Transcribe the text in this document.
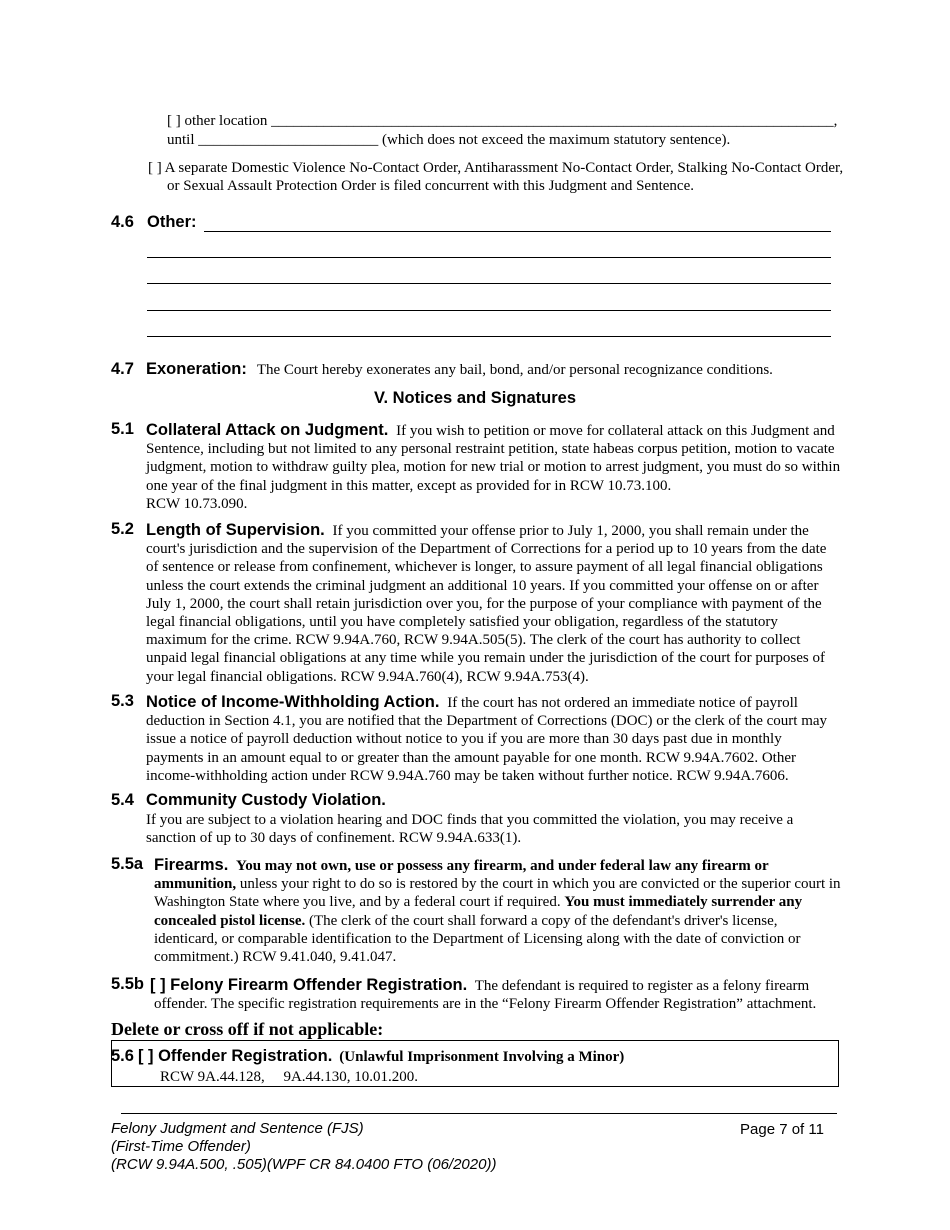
[ ] other location ___________________________________________________________________________,
until ________________________ (which does not exceed the maximum statutory sentence).
[ ] A separate Domestic Violence No-Contact Order, Antiharassment No-Contact Order, Stalking No-Contact Order, or Sexual Assault Protection Order is filed concurrent with this Judgment and Sentence.
4.6 Other:
4.7 Exoneration: The Court hereby exonerates any bail, bond, and/or personal recognizance conditions.
V. Notices and Signatures
5.1 Collateral Attack on Judgment. If you wish to petition or move for collateral attack on this Judgment and Sentence, including but not limited to any personal restraint petition, state habeas corpus petition, motion to vacate judgment, motion to withdraw guilty plea, motion for new trial or motion to arrest judgment, you must do so within one year of the final judgment in this matter, except as provided for in RCW 10.73.100.
RCW 10.73.090.
5.2 Length of Supervision. If you committed your offense prior to July 1, 2000, you shall remain under the court's jurisdiction and the supervision of the Department of Corrections for a period up to 10 years from the date of sentence or release from confinement, whichever is longer, to assure payment of all legal financial obligations unless the court extends the criminal judgment an additional 10 years. If you committed your offense on or after July 1, 2000, the court shall retain jurisdiction over you, for the purpose of your compliance with payment of the legal financial obligations, until you have completely satisfied your obligation, regardless of the statutory maximum for the crime. RCW 9.94A.760, RCW 9.94A.505(5). The clerk of the court has authority to collect unpaid legal financial obligations at any time while you remain under the jurisdiction of the court for purposes of your legal financial obligations. RCW 9.94A.760(4), RCW 9.94A.753(4).
5.3 Notice of Income-Withholding Action. If the court has not ordered an immediate notice of payroll deduction in Section 4.1, you are notified that the Department of Corrections (DOC) or the clerk of the court may issue a notice of payroll deduction without notice to you if you are more than 30 days past due in monthly payments in an amount equal to or greater than the amount payable for one month. RCW 9.94A.7602. Other income-withholding action under RCW 9.94A.760 may be taken without further notice. RCW 9.94A.7606.
5.4 Community Custody Violation.
If you are subject to a violation hearing and DOC finds that you committed the violation, you may receive a sanction of up to 30 days of confinement. RCW 9.94A.633(1).
5.5a Firearms. You may not own, use or possess any firearm, and under federal law any firearm or ammunition, unless your right to do so is restored by the court in which you are convicted or the superior court in Washington State where you live, and by a federal court if required. You must immediately surrender any concealed pistol license. (The clerk of the court shall forward a copy of the defendant's driver's license, identicard, or comparable identification to the Department of Licensing along with the date of conviction or commitment.) RCW 9.41.040, 9.41.047.
5.5b [ ] Felony Firearm Offender Registration. The defendant is required to register as a felony firearm offender. The specific registration requirements are in the “Felony Firearm Offender Registration” attachment.
Delete or cross off if not applicable:
5.6 [ ] Offender Registration. (Unlawful Imprisonment Involving a Minor)
RCW 9A.44.128,     9A.44.130, 10.01.200.
Felony Judgment and Sentence (FJS)
(First-Time Offender)
(RCW 9.94A.500, .505)(WPF CR 84.0400 FTO (06/2020))
Page 7 of 11
